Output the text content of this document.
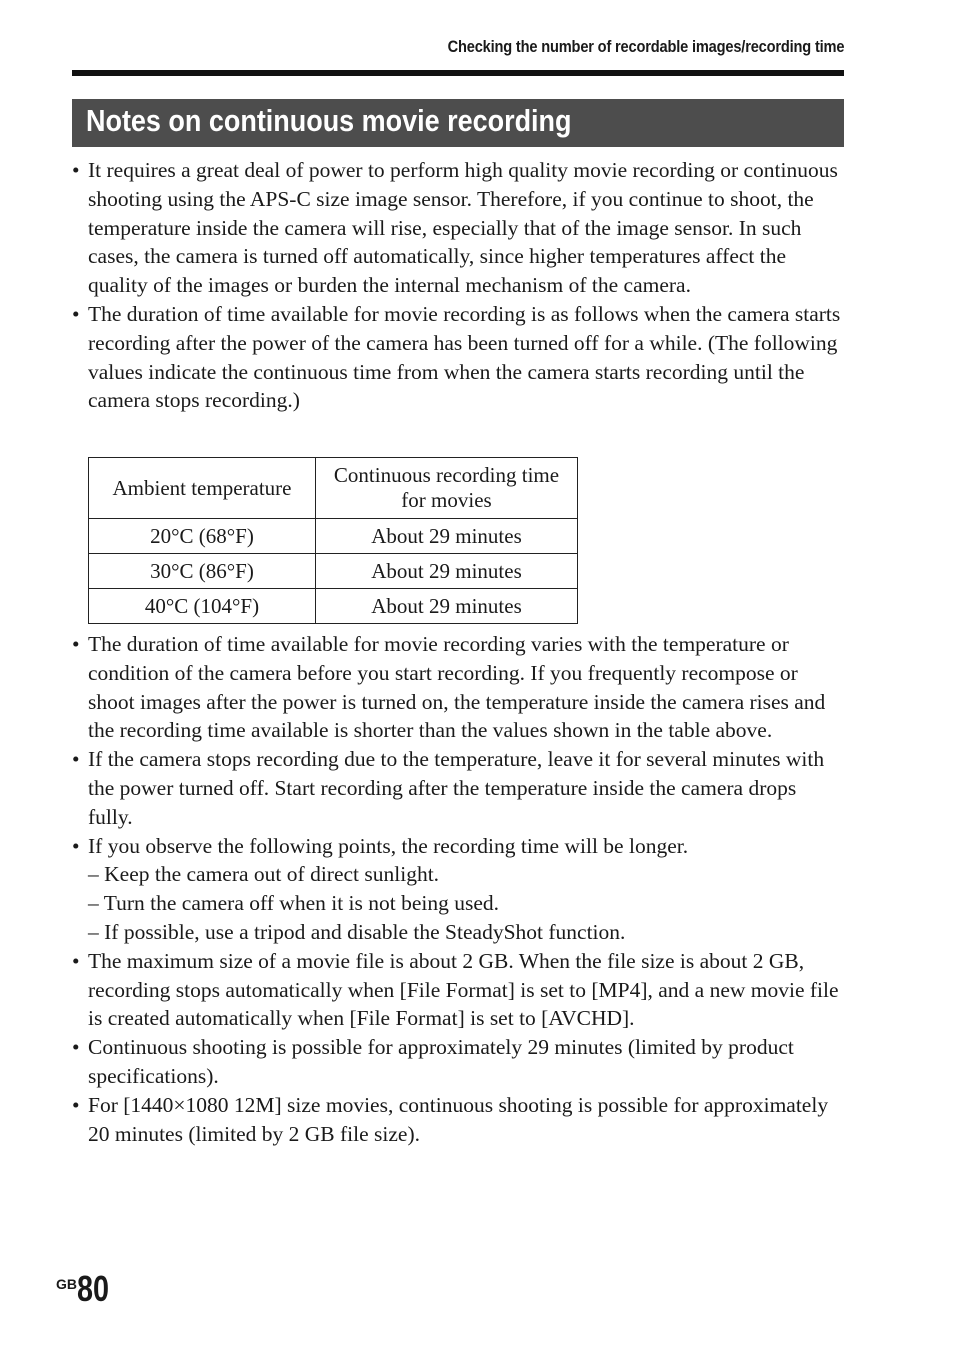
Checking the number of recordable images/recording time
Notes on continuous movie recording
• It requires a great deal of power to perform high quality movie recording or continuous shooting using the APS-C size image sensor. Therefore, if you continue to shoot, the temperature inside the camera will rise, especially that of the image sensor. In such cases, the camera is turned off automatically, since higher temperatures affect the quality of the images or burden the internal mechanism of the camera.
• The duration of time available for movie recording is as follows when the camera starts recording after the power of the camera has been turned off for a while. (The following values indicate the continuous time from when the camera starts recording until the camera stops recording.)
Ambient temperature	Continuous recording time for movies
20°C (68°F)	About 29 minutes
30°C (86°F)	About 29 minutes
40°C (104°F)	About 29 minutes
• The duration of time available for movie recording varies with the temperature or condition of the camera before you start recording. If you frequently recompose or shoot images after the power is turned on, the temperature inside the camera rises and the recording time available is shorter than the values shown in the table above.
• If the camera stops recording due to the temperature, leave it for several minutes with the power turned off. Start recording after the temperature inside the camera drops fully.
• If you observe the following points, the recording time will be longer.
– Keep the camera out of direct sunlight.
– Turn the camera off when it is not being used.
– If possible, use a tripod and disable the SteadyShot function.
• The maximum size of a movie file is about 2 GB. When the file size is about 2 GB, recording stops automatically when [File Format] is set to [MP4], and a new movie file is created automatically when [File Format] is set to [AVCHD].
• Continuous shooting is possible for approximately 29 minutes (limited by product specifications).
• For [1440×1080 12M] size movies, continuous shooting is possible for approximately 20 minutes (limited by 2 GB file size).
GB80
